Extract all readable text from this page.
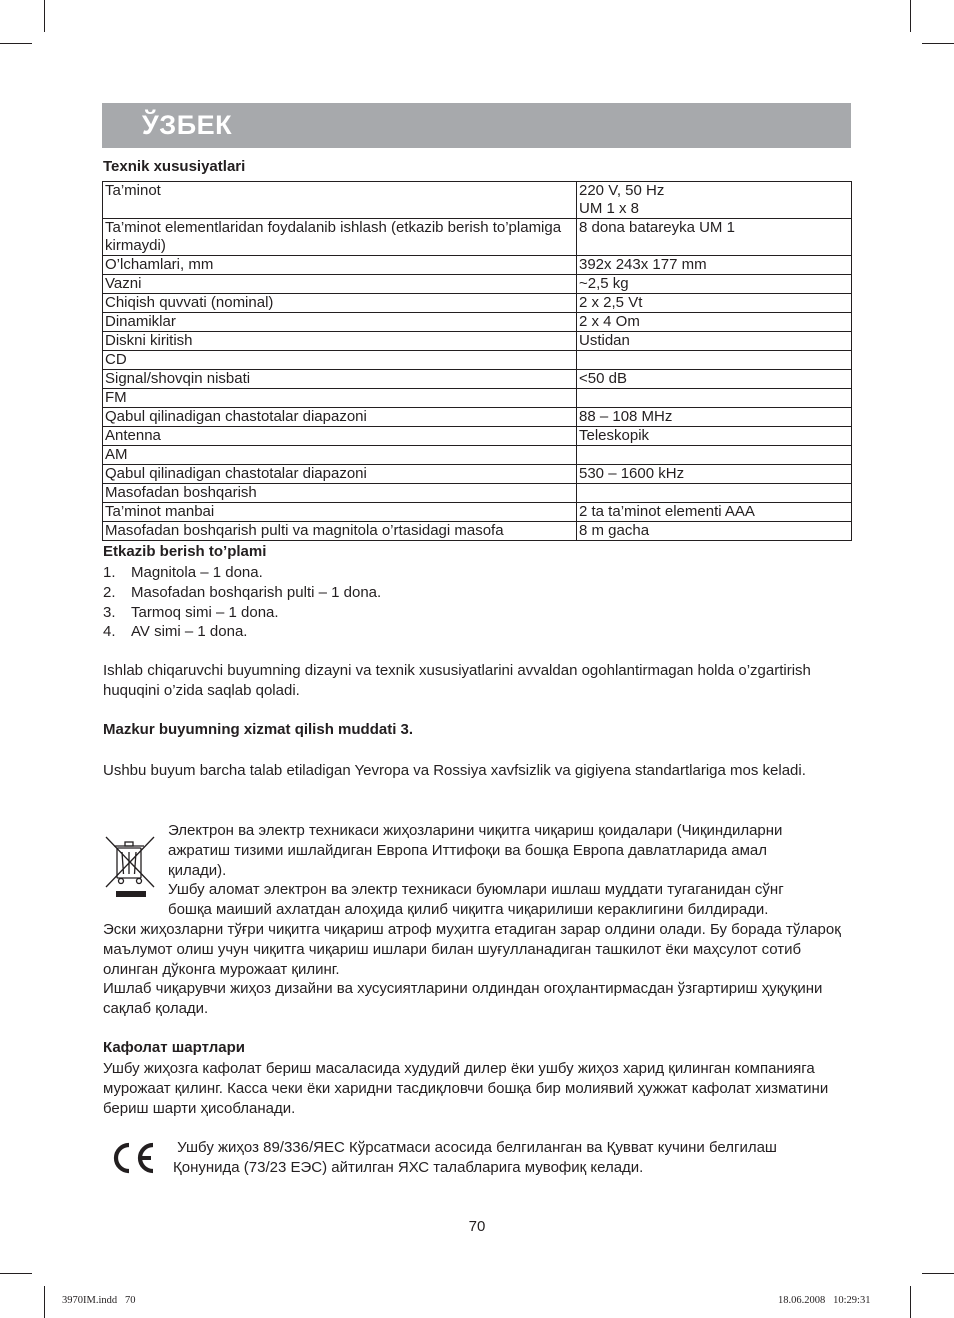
ЎЗБЕК
Texnik xususiyatlari
Ta’minot	220 V, 50 Hz
UM 1 x 8
Ta’minot elementlaridan foydalanib ishlash (etkazib berish to’plamiga kirmaydi)	8 dona batareyka UM 1
O’lchamlari, mm	392x 243x 177 mm
Vazni	~2,5 kg
Chiqish quvvati (nominal)	2 x 2,5 Vt
Dinamiklar	2 x 4 Om
Diskni kiritish	Ustidan
CD	
Signal/shovqin nisbati	<50 dB
FM	
Qabul qilinadigan chastotalar diapazoni	88 – 108 MHz
Antenna	Teleskopik
AM	
Qabul qilinadigan chastotalar diapazoni	530 – 1600 kHz
Masofadan boshqarish	
Ta’minot manbai	2 ta ta’minot elementi AAA
Masofadan boshqarish pulti va magnitola o’rtasidagi masofa	8 m gacha
Etkazib berish to’plami
1. Magnitola – 1 dona.
2. Masofadan boshqarish pulti – 1 dona.
3. Tarmoq simi – 1 dona.
4. AV simi – 1 dona.
Ishlab chiqaruvchi buyumning dizayni va texnik xususiyatlarini avvaldan ogohlantirmagan holda o’zgartirish huquqini o’zida saqlab qoladi.
Mazkur buyumning xizmat qilish muddati 3.
Ushbu buyum barcha talab etiladigan Yevropa va Rossiya xavfsizlik va gigiyena standartlariga mos keladi.
Электрон ва электр техникаси жиҳозларини чиқитга чиқариш қоидалари (Чиқиндиларни
ажратиш тизими ишлайдиган Европа Иттифоқи ва бошқа Европа давлатларида амал
қилади).
Ушбу аломат электрон ва электр техникаси буюмлари ишлаш муддати тугаганидан сўнг
бошқа маиший ахлатдан алоҳида қилиб чиқитга чиқарилиши кераклигини билдиради.
Эски жиҳозларни тўғри чиқитга чиқариш атроф муҳитга етадиган зарар олдини олади. Бу борада тўлароқ маълумот олиш учун чиқитга чиқариш ишлари билан шуғулланадиган ташкилот ёки маҳсулот сотиб олинган дўконга мурожаат қилинг.
Ишлаб чиқарувчи жиҳоз дизайни ва хусусиятларини олдиндан огоҳлантирмасдан ўзгартириш ҳуқуқини сақлаб қолади.
Кафолат шартлари
Ушбу жиҳозга кафолат бериш масаласида худудий дилер ёки ушбу жиҳоз харид қилинган компанияга мурожаат қилинг. Касса чеки ёки харидни тасдиқловчи бошқа бир молиявий ҳужжат кафолат хизматини бериш шарти ҳисобланади.
Ушбу жиҳоз 89/336/ЯЕС Кўрсатмаси асосида белгиланган ва Қувват кучини белгилаш
Қонунида (73/23 ЕЭС) айтилган ЯХС талабларига мувофиқ келади.
70
3970IM.indd   70	18.06.2008   10:29:31
